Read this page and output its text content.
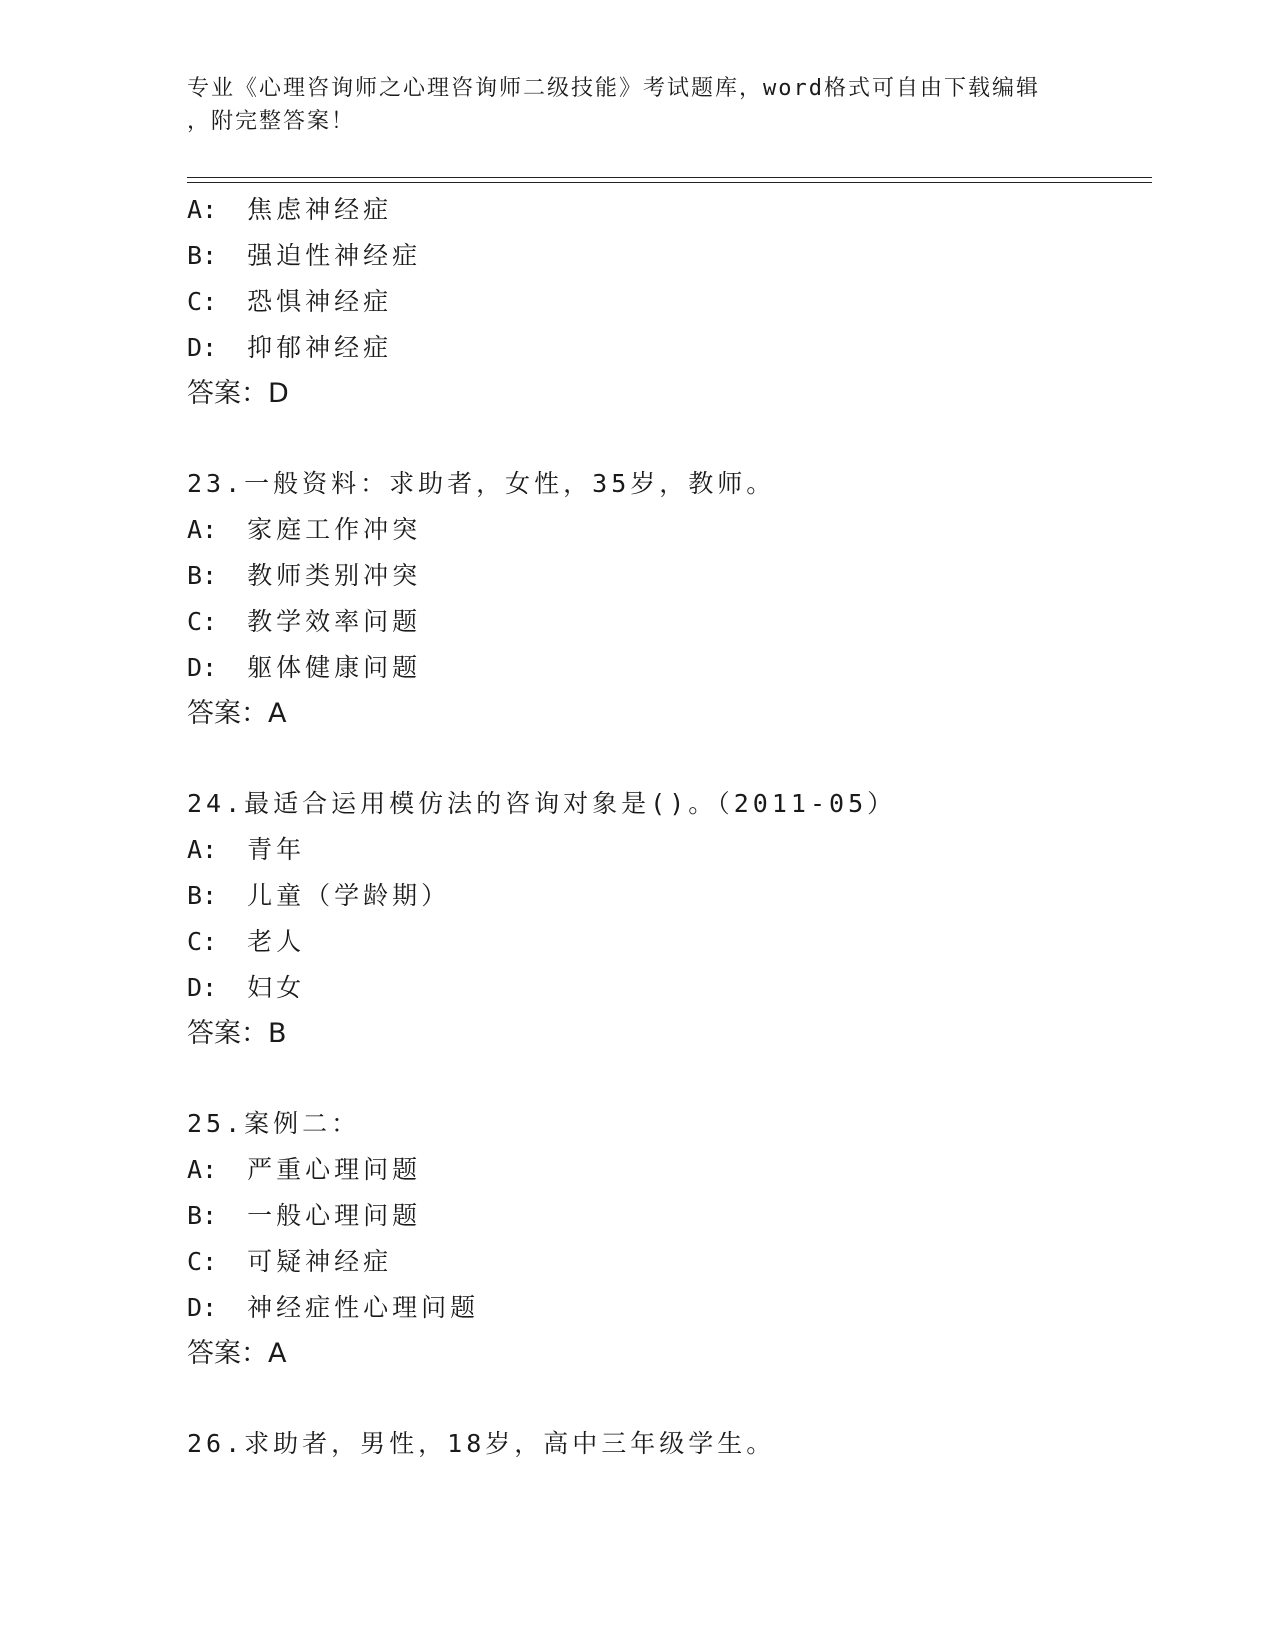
专业《心理咨询师之心理咨询师二级技能》考试题库，word格式可自由下载编辑
，附完整答案！
A: 焦虑神经症
B: 强迫性神经症
C: 恐惧神经症
D: 抑郁神经症
答案：D
23.一般资料：求助者，女性，35岁，教师。
A: 家庭工作冲突
B: 教师类别冲突
C: 教学效率问题
D: 躯体健康问题
答案：A
24.最适合运用模仿法的咨询对象是()。（2011-05）
A: 青年
B: 儿童（学龄期）
C: 老人
D: 妇女
答案：B
25.案例二：
A: 严重心理问题
B: 一般心理问题
C: 可疑神经症
D: 神经症性心理问题
答案：A
26.求助者，男性，18岁，高中三年级学生。
